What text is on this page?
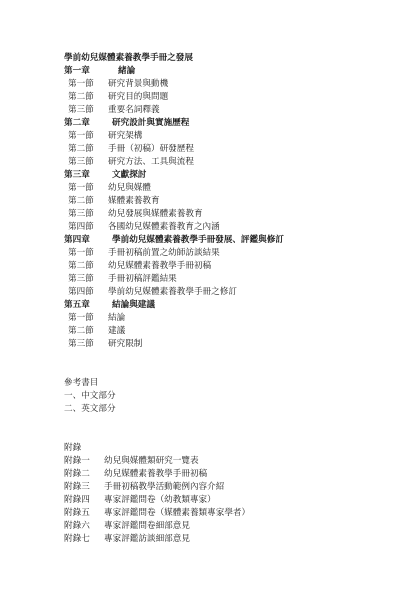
學前幼兒媒體素養教學手冊之發展
第一章	緒論
第一節 研究背景與動機
第二節 研究目的與問題
第三節 重要名詞釋義
第二章	研究設計與實施歷程
第一節 研究架構
第二節 手冊（初稿）研發歷程
第三節 研究方法、工具與流程
第三章	文獻探討
第一節 幼兒與媒體
第二節 媒體素養教育
第三節 幼兒發展與媒體素養教育
第四節 各國幼兒媒體素養教育之內涵
第四章	學前幼兒媒體素養教學手冊發展、評鑑與修訂
第一節 手冊初稿前置之幼師訪談結果
第二節 幼兒媒體素養教學手冊初稿
第三節 手冊初稿評鑑結果
第四節 學前幼兒媒體素養教學手冊之修訂
第五章	結論與建議
第一節 結論
第二節 建議
第三節 研究限制
參考書目
一、中文部分
二、英文部分
附錄
附錄一 幼兒與媒體類研究一覽表
附錄二 幼兒媒體素養教學手冊初稿
附錄三 手冊初稿教學活動範例內容介紹
附錄四 專家評鑑問卷（幼教類專家）
附錄五 專家評鑑問卷（媒體素養類專家學者）
附錄六 專家評鑑問卷細部意見
附錄七 專家評鑑訪談細部意見
